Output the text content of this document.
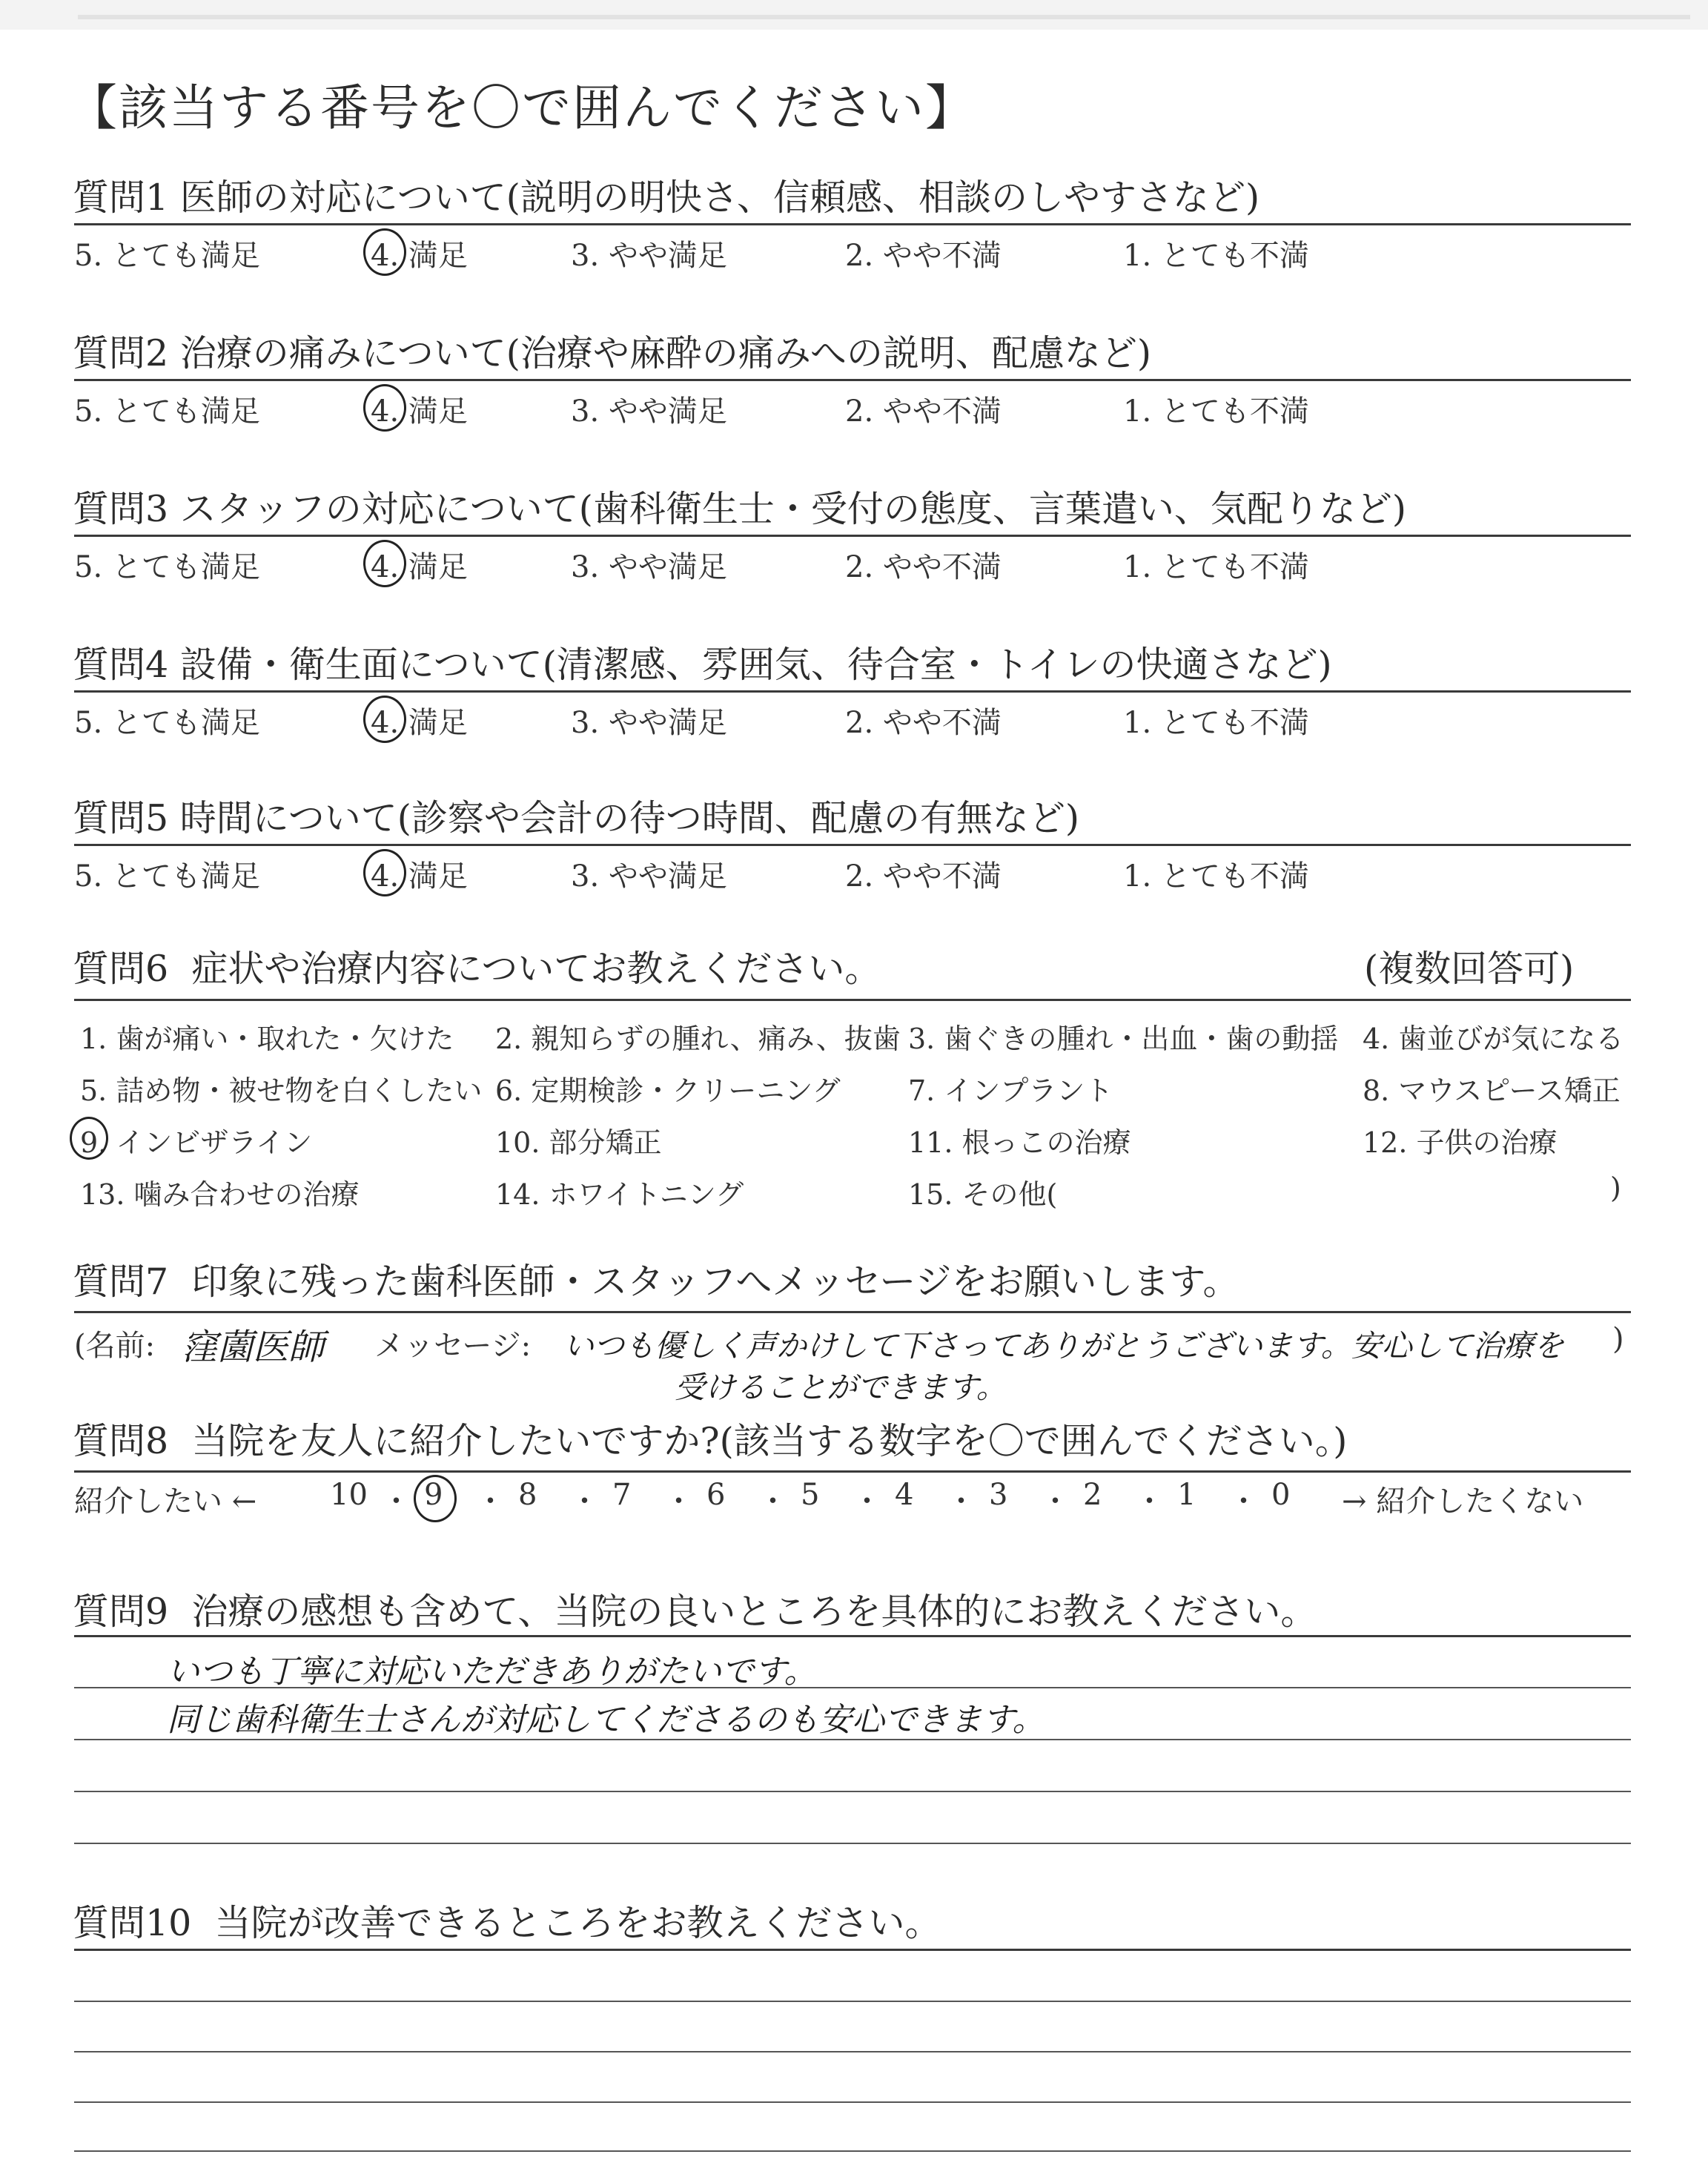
【該当する番号を〇で囲んでください】
質問1 医師の対応について(説明の明快さ、信頼感、相談のしやすさなど)
5. とても満足	4. 満足	3. やや満足	2. やや不満	1. とても不満
質問2 治療の痛みについて(治療や麻酔の痛みへの説明、配慮など)
5. とても満足	4. 満足	3. やや満足	2. やや不満	1. とても不満
質問3 スタッフの対応について(歯科衛生士・受付の態度、言葉遣い、気配りなど)
5. とても満足	4. 満足	3. やや満足	2. やや不満	1. とても不満
質問4 設備・衛生面について(清潔感、雰囲気、待合室・トイレの快適さなど)
5. とても満足	4. 満足	3. やや満足	2. やや不満	1. とても不満
質問5 時間について(診察や会計の待つ時間、配慮の有無など)
5. とても満足	4. 満足	3. やや満足	2. やや不満	1. とても不満
質問6 症状や治療内容についてお教えください。	(複数回答可)
1. 歯が痛い・取れた・欠けた 2. 親知らずの腫れ、痛み、抜歯 3. 歯ぐきの腫れ・出血・歯の動揺 4. 歯並びが気になる
5. 詰め物・被せ物を白くしたい 6. 定期検診・クリーニング 7. インプラント	8. マウスピース矯正
9. インビザライン	10. 部分矯正	11. 根っこの治療	12. 子供の治療
13. 噛み合わせの治療	14. ホワイトニング	15. その他(	)
質問7 印象に残った歯科医師・スタッフへメッセージをお願いします。
(名前: 窪薗医師 メッセージ: いつも優しく声かけして下さってありがとうございます。安心して治療を
受けることができます。
)
質問8 当院を友人に紹介したいですか?(該当する数字を〇で囲んでください。)
紹介したい ←	→ 紹介したくない
10 ・ 9 ・ 8 ・ 7 ・ 6 ・ 5 ・ 4 ・ 3 ・ 2 ・ 1 ・ 0
質問9 治療の感想も含めて、当院の良いところを具体的にお教えください。
いつも丁寧に対応いただきありがたいです。
同じ歯科衛生士さんが対応してくださるのも安心できます。
質問10 当院が改善できるところをお教えください。
